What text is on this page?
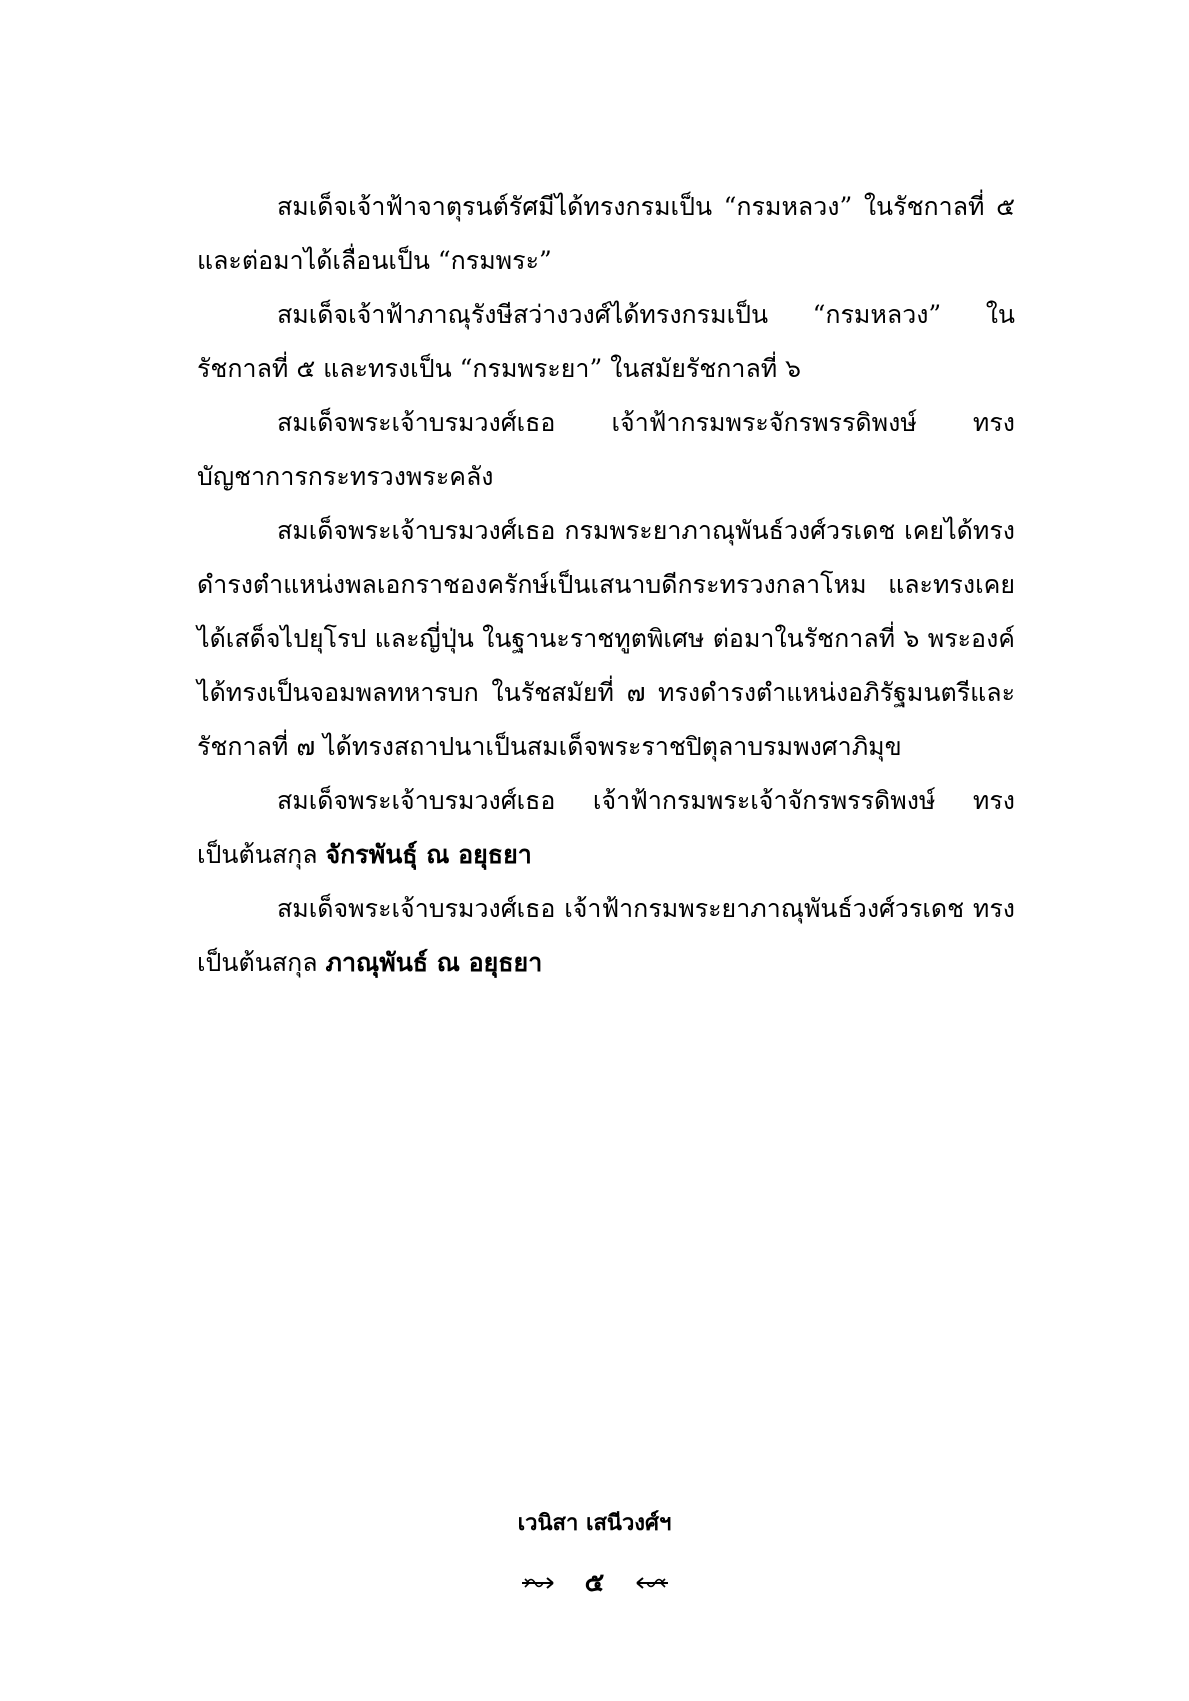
สมเด็จเจ้าฟ้าจาตุรนต์รัศมีได้ทรงกรมเป็น “กรมหลวง” ในรัชกาลที่ ๕ และต่อมาได้เลื่อนเป็น “กรมพระ”

สมเด็จเจ้าฟ้าภาณุรังษีสว่างวงศ์ได้ทรงกรมเป็น “กรมหลวง” ในรัชกาลที่ ๕ และทรงเป็น “กรมพระยา” ในสมัยรัชกาลที่ ๖

สมเด็จพระเจ้าบรมวงศ์เธอ เจ้าฟ้ากรมพระจักรพรรดิพงษ์ ทรงบัญชาการกระทรวงพระคลัง

สมเด็จพระเจ้าบรมวงศ์เธอ กรมพระยาภาณุพันธ์วงศ์วรเดช เคยได้ทรงดำรงตำแหน่งพลเอกราชองครักษ์เป็นเสนาบดีกระทรวงกลาโหม และทรงเคยได้เสด็จไปยุโรป และญี่ปุ่น ในฐานะราชทูตพิเศษ ต่อมาในรัชกาลที่ ๖ พระองค์ได้ทรงเป็นจอมพลทหารบก ในรัชสมัยที่ ๗ ทรงดำรงตำแหน่งอภิรัฐมนตรีและรัชกาลที่ ๗ ได้ทรงสถาปนาเป็นสมเด็จพระราชปิตุลาบรมพงศาภิมุข

สมเด็จพระเจ้าบรมวงศ์เธอ เจ้าฟ้ากรมพระเจ้าจักรพรรดิพงษ์ ทรงเป็นต้นสกุล จักรพันธุ์ ณ อยุธยา

สมเด็จพระเจ้าบรมวงศ์เธอ เจ้าฟ้ากรมพระยาภาณุพันธ์วงศ์วรเดช ทรงเป็นต้นสกุล ภาณุพันธ์ ณ อยุธยา

เวนิสา เสนีวงศ์ฯ
๕
